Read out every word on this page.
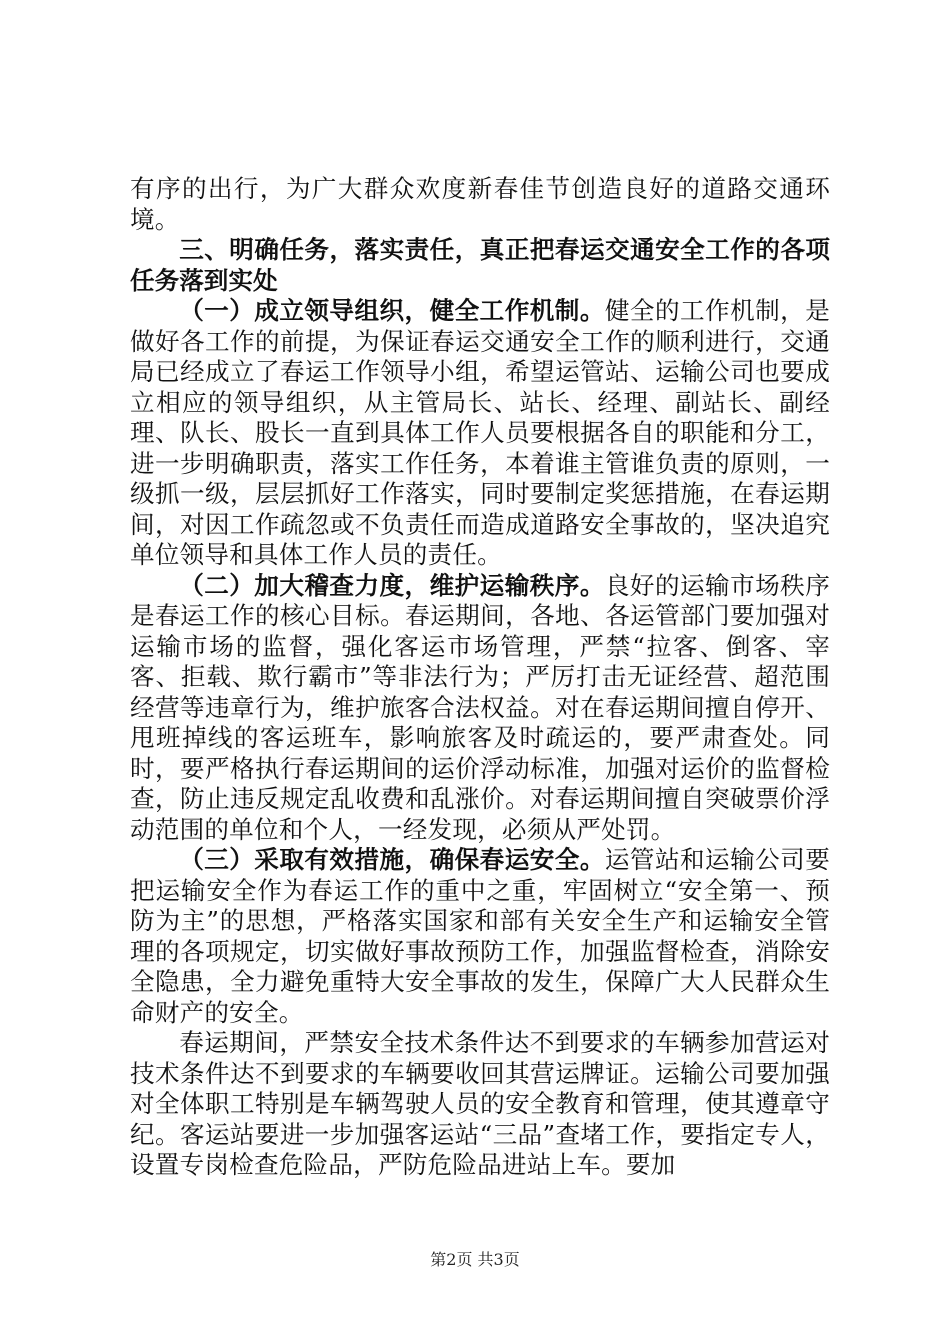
有序的出行，为广大群众欢度新春佳节创造良好的道路交通环境。

三、明确任务，落实责任，真正把春运交通安全工作的各项任务落到实处

（一）成立领导组织，健全工作机制。健全的工作机制，是做好各工作的前提，为保证春运交通安全工作的顺利进行，交通局已经成立了春运工作领导小组，希望运管站、运输公司也要成立相应的领导组织，从主管局长、站长、经理、副站长、副经理、队长、股长一直到具体工作人员要根据各自的职能和分工，进一步明确职责，落实工作任务，本着谁主管谁负责的原则，一级抓一级，层层抓好工作落实，同时要制定奖惩措施，在春运期间，对因工作疏忽或不负责任而造成道路安全事故的，坚决追究单位领导和具体工作人员的责任。

（二）加大稽查力度，维护运输秩序。良好的运输市场秩序是春运工作的核心目标。春运期间，各地、各运管部门要加强对运输市场的监督，强化客运市场管理，严禁“拉客、倒客、宰客、拒载、欺行霸市”等非法行为；严厉打击无证经营、超范围经营等违章行为，维护旅客合法权益。对在春运期间擅自停开、甩班掉线的客运班车，影响旅客及时疏运的，要严肃查处。同时，要严格执行春运期间的运价浮动标准，加强对运价的监督检查，防止违反规定乱收费和乱涨价。对春运期间擅自突破票价浮动范围的单位和个人，一经发现，必须从严处罚。

（三）采取有效措施，确保春运安全。运管站和运输公司要把运输安全作为春运工作的重中之重，牢固树立“安全第一、预防为主”的思想，严格落实国家和部有关安全生产和运输安全管理的各项规定，切实做好事故预防工作，加强监督检查，消除安全隐患，全力避免重特大安全事故的发生，保障广大人民群众生命财产的安全。

春运期间，严禁安全技术条件达不到要求的车辆参加营运对技术条件达不到要求的车辆要收回其营运牌证。运输公司要加强对全体职工特别是车辆驾驶人员的安全教育和管理，使其遵章守纪。客运站要进一步加强客运站“三品”查堵工作，要指定专人，设置专岗检查危险品，严防危险品进站上车。要加

第2页 共3页
